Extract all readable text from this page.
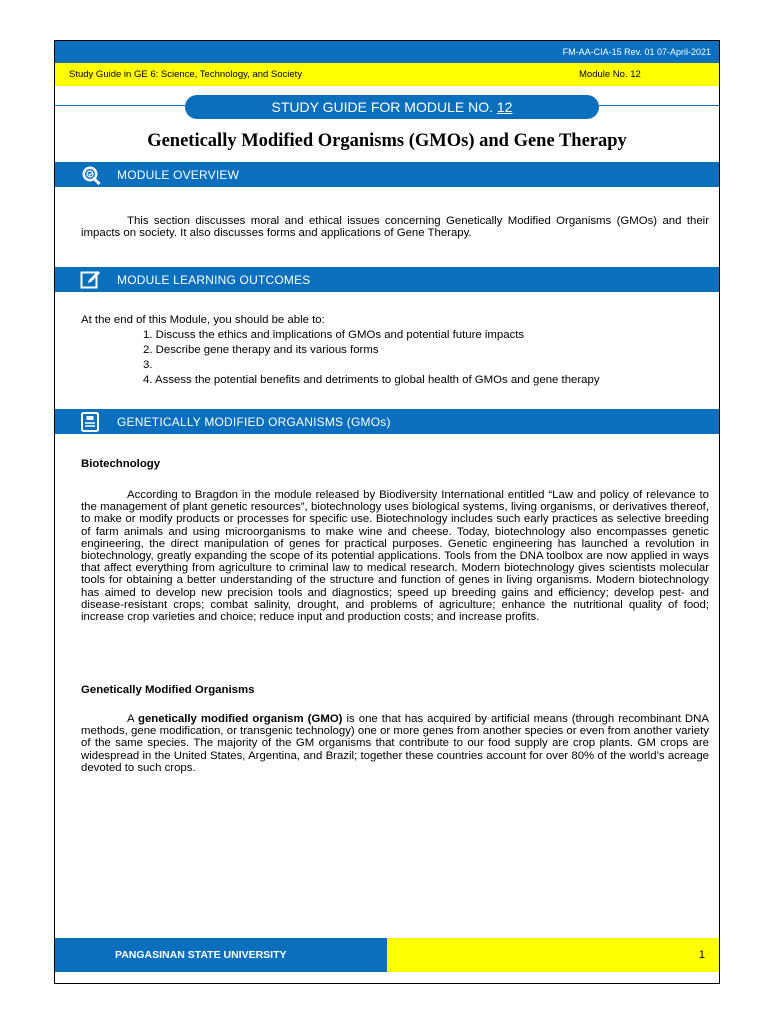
FM-AA-CIA-15 Rev. 01 07-April-2021
Study Guide in GE 6: Science, Technology, and Society	Module No. 12
STUDY GUIDE FOR MODULE NO. 12
Genetically Modified Organisms (GMOs) and Gene Therapy
MODULE OVERVIEW
This section discusses moral and ethical issues concerning Genetically Modified Organisms (GMOs) and their impacts on society. It also discusses forms and applications of Gene Therapy.
MODULE LEARNING OUTCOMES
At the end of this Module, you should be able to:
1. Discuss the ethics and implications of GMOs and potential future impacts
2. Describe gene therapy and its various forms
3.
4. Assess the potential benefits and detriments to global health of GMOs and gene therapy
GENETICALLY MODIFIED ORGANISMS (GMOs)
Biotechnology
According to Bragdon in the module released by Biodiversity International entitled “Law and policy of relevance to the management of plant genetic resources”, biotechnology uses biological systems, living organisms, or derivatives thereof, to make or modify products or processes for specific use. Biotechnology includes such early practices as selective breeding of farm animals and using microorganisms to make wine and cheese. Today, biotechnology also encompasses genetic engineering, the direct manipulation of genes for practical purposes. Genetic engineering has launched a revolution in biotechnology, greatly expanding the scope of its potential applications. Tools from the DNA toolbox are now applied in ways that affect everything from agriculture to criminal law to medical research. Modern biotechnology gives scientists molecular tools for obtaining a better understanding of the structure and function of genes in living organisms. Modern biotechnology has aimed to develop new precision tools and diagnostics; speed up breeding gains and efficiency; develop pest- and disease-resistant crops; combat salinity, drought, and problems of agriculture; enhance the nutritional quality of food; increase crop varieties and choice; reduce input and production costs; and increase profits.
Genetically Modified Organisms
A genetically modified organism (GMO) is one that has acquired by artificial means (through recombinant DNA methods, gene modification, or transgenic technology) one or more genes from another species or even from another variety of the same species. The majority of the GM organisms that contribute to our food supply are crop plants. GM crops are widespread in the United States, Argentina, and Brazil; together these countries account for over 80% of the world’s acreage devoted to such crops.
PANGASINAN STATE UNIVERSITY	1
